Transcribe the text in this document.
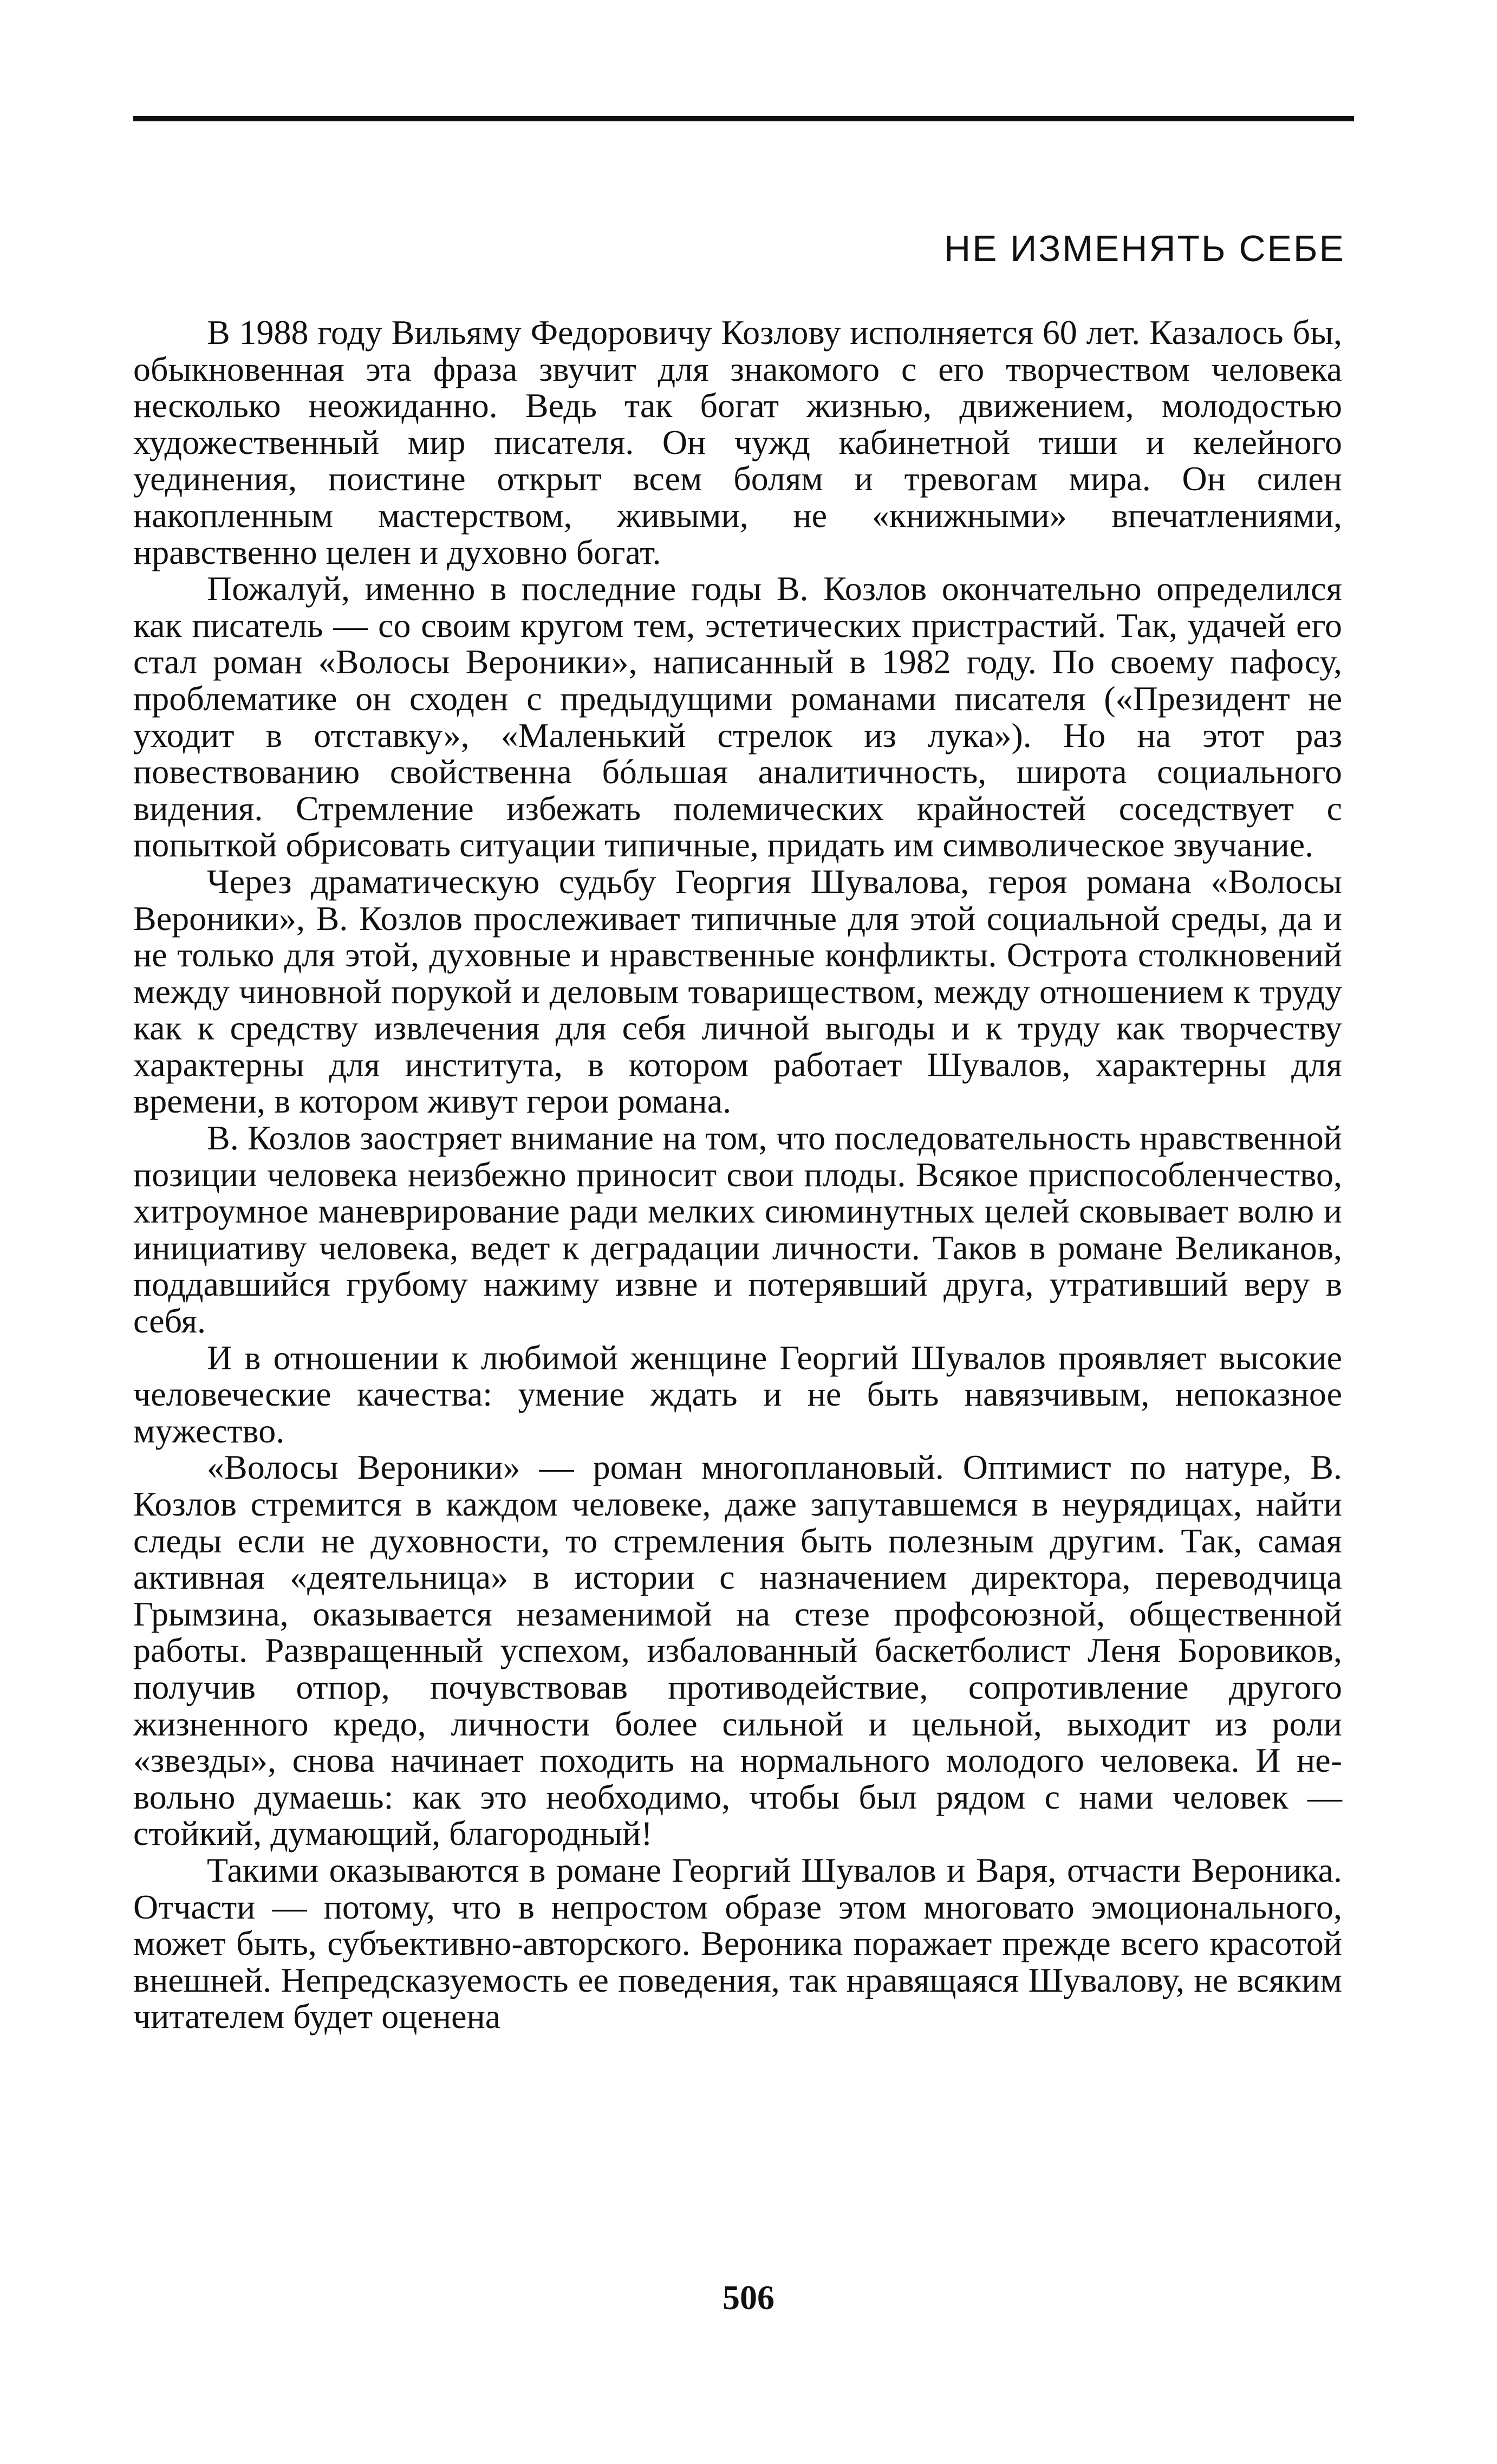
НЕ ИЗМЕНЯТЬ СЕБЕ

В 1988 году Вильяму Федоровичу Козлову исполняется 60 лет. Казалось бы, обыкновенная эта фраза звучит для знакомого с его творчеством человека несколько неожиданно. Ведь так богат жизнью, движением, молодостью художественный мир писателя. Он чужд кабинетной тиши и келейного уединения, поистине открыт всем болям и тревогам мира. Он силен накопленным мастерством, живыми, не «книжными» впечатлениями, нравственно целен и духовно богат.

Пожалуй, именно в последние годы В. Козлов окончательно определился как писатель — со своим кругом тем, эстетических пристрастий. Так, удачей его стал роман «Волосы Вероники», написанный в 1982 году. По своему пафосу, проблематике он сходен с предыдущими романами писателя («Президент не уходит в отставку», «Маленький стрелок из лука»). Но на этот раз повествованию свойственна бóльшая аналитичность, широта социального видения. Стремление избежать полемических крайностей соседствует с попыткой обрисовать ситуации типичные, придать им символическое звучание.

Через драматическую судьбу Георгия Шувалова, героя романа «Волосы Вероники», В. Козлов прослеживает типичные для этой социальной среды, да и не только для этой, духовные и нравственные конфликты. Острота столкновений между чиновной порукой и деловым товариществом, между отношением к труду как к средству извлечения для себя личной выгоды и к труду как творчеству характерны для института, в котором работает Шувалов, характерны для времени, в котором живут герои романа.

В. Козлов заостряет внимание на том, что последовательность нравственной позиции человека неизбежно приносит свои плоды. Всякое приспособленчество, хитроумное маневрирование ради мелких сиюминутных целей сковывает волю и инициативу человека, ведет к деградации личности. Таков в романе Великанов, поддавшийся грубому нажиму извне и потерявший друга, утративший веру в себя.

И в отношении к любимой женщине Георгий Шувалов проявляет высокие человеческие качества: умение ждать и не быть навязчивым, непоказное мужество.

«Волосы Вероники» — роман многоплановый. Оптимист по натуре, В. Козлов стремится в каждом человеке, даже запутавшемся в неурядицах, найти следы если не духовности, то стремления быть полезным другим. Так, самая активная «деятельница» в истории с назначением директора, переводчица Грымзина, оказывается незаменимой на стезе профсоюзной, общественной работы. Развращенный успехом, избалованный баскетболист Леня Боровиков, получив отпор, почувствовав противодействие, сопротивление другого жизненного кредо, личности более сильной и цельной, выходит из роли «звезды», снова начинает походить на нормального молодого человека. И невольно думаешь: как это необходимо, чтобы был рядом с нами человек — стойкий, думающий, благородный!

Такими оказываются в романе Георгий Шувалов и Варя, отчасти Вероника. Отчасти — потому, что в непростом образе этом многовато эмоционального, может быть, субъективно-авторского. Вероника поражает прежде всего красотой внешней. Непредсказуемость ее поведения, так нравящаяся Шувалову, не всяким читателем будет оценена

506
